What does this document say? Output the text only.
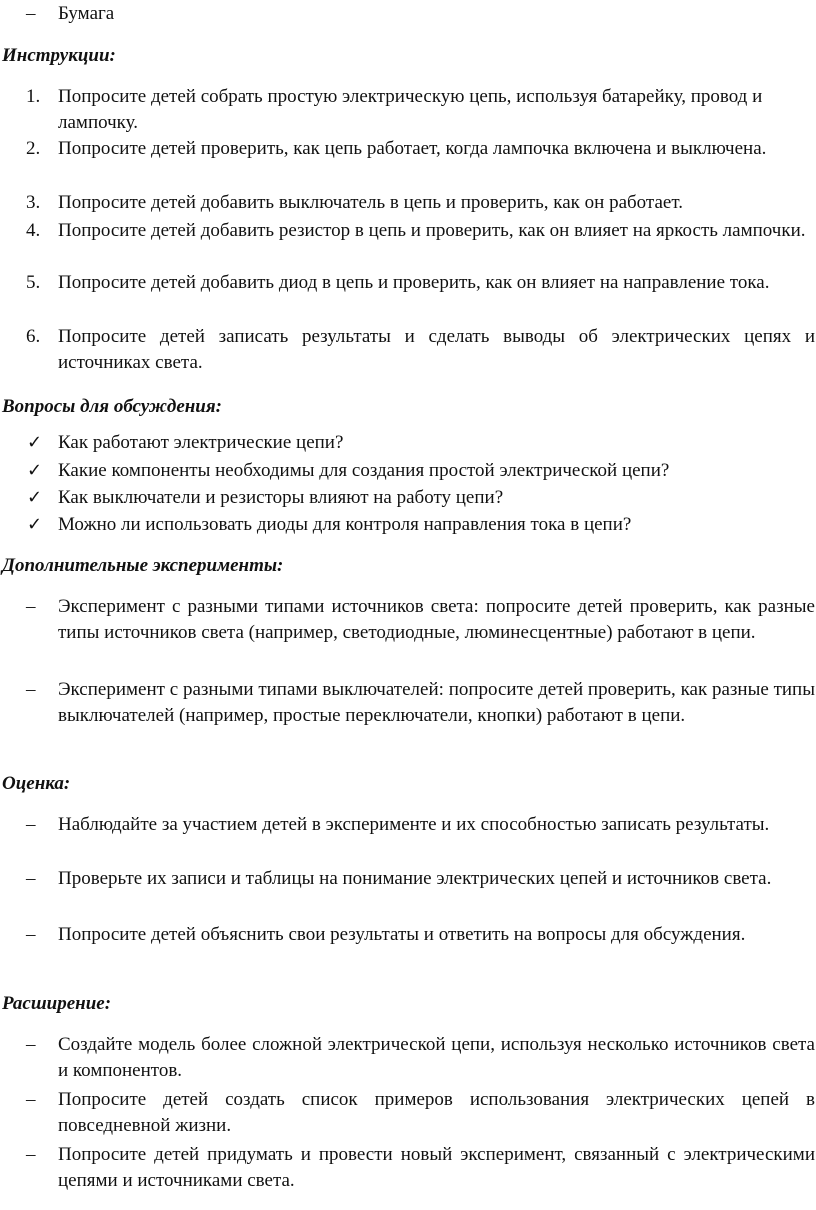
– Бумага

Инструкции:
1. Попросите детей собрать простую электрическую цепь, используя батарейку, провод и лампочку.

2. Попросите детей проверить, как цепь работает, когда лампочка включена и выключена.

3. Попросите детей добавить выключатель в цепь и проверить, как он работает.

4. Попросите детей добавить резистор в цепь и проверить, как он влияет на яркость лампочки.

5. Попросите детей добавить диод в цепь и проверить, как он влияет на направление тока.

6. Попросите детей записать результаты и сделать выводы об электрических цепях и источниках света.

Вопросы для обсуждения:
✓ Как работают электрические цепи?

✓ Какие компоненты необходимы для создания простой электрической цепи?

✓ Как выключатели и резисторы влияют на работу цепи?

✓ Можно ли использовать диоды для контроля направления тока в цепи?

Дополнительные эксперименты:
– Эксперимент с разными типами источников света: попросите детей проверить, как разные типы источников света (например, светодиодные, люминесцентные) работают в цепи.

– Эксперимент с разными типами выключателей: попросите детей проверить, как разные типы выключателей (например, простые переключатели, кнопки) работают в цепи.

Оценка:
– Наблюдайте за участием детей в эксперименте и их способностью записать результаты.

– Проверьте их записи и таблицы на понимание электрических цепей и источников света.

– Попросите детей объяснить свои результаты и ответить на вопросы для обсуждения.

Расширение:
– Создайте модель более сложной электрической цепи, используя несколько источников света и компонентов.

– Попросите детей создать список примеров использования электрических цепей в повседневной жизни.

– Попросите детей придумать и провести новый эксперимент, связанный с электрическими цепями и источниками света.
